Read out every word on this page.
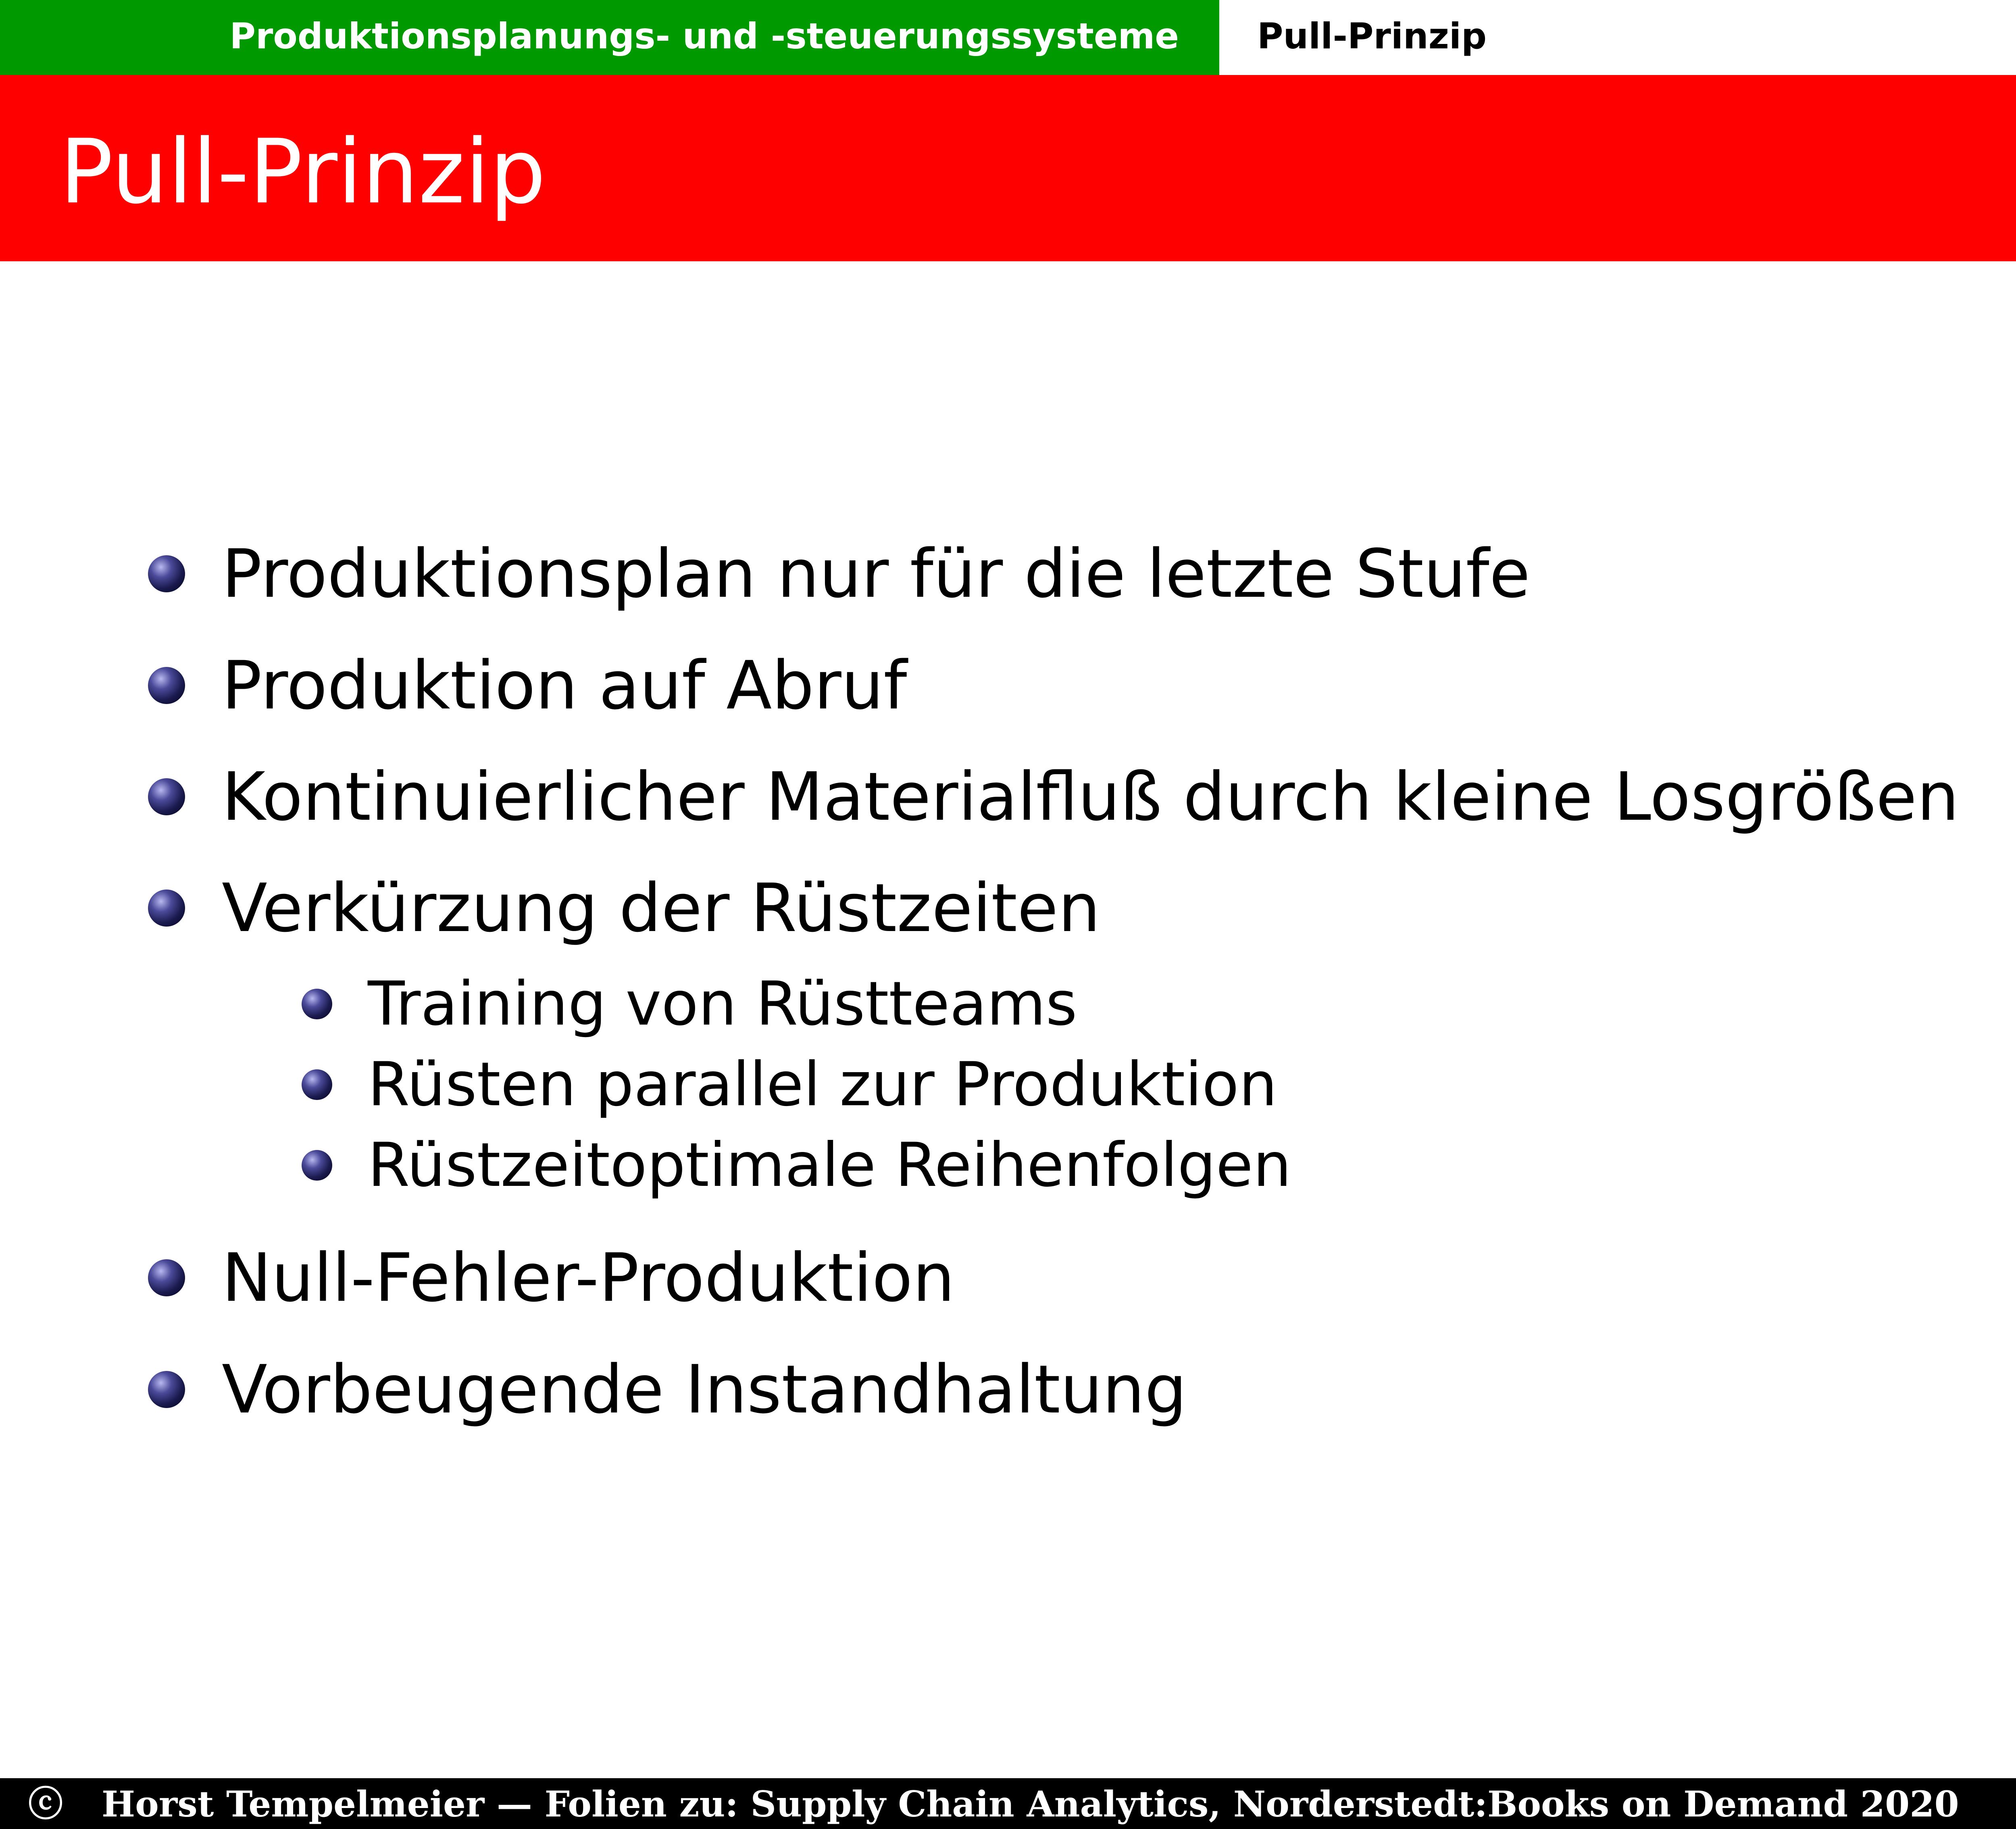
Produktionsplanungs- und -steuerungssysteme Pull-Prinzip
Pull-Prinzip
Produktionsplan nur für die letzte Stufe
Produktion auf Abruf
Kontinuierlicher Materialfluß durch kleine Losgrößen
Verkürzung der Rüstzeiten
Training von Rüstteams
Rüsten parallel zur Produktion
Rüstzeitoptimale Reihenfolgen
Null-Fehler-Produktion
Vorbeugende Instandhaltung
ⓒ Horst Tempelmeier — Folien zu: Supply Chain Analytics, Norderstedt:Books on Demand 2020
